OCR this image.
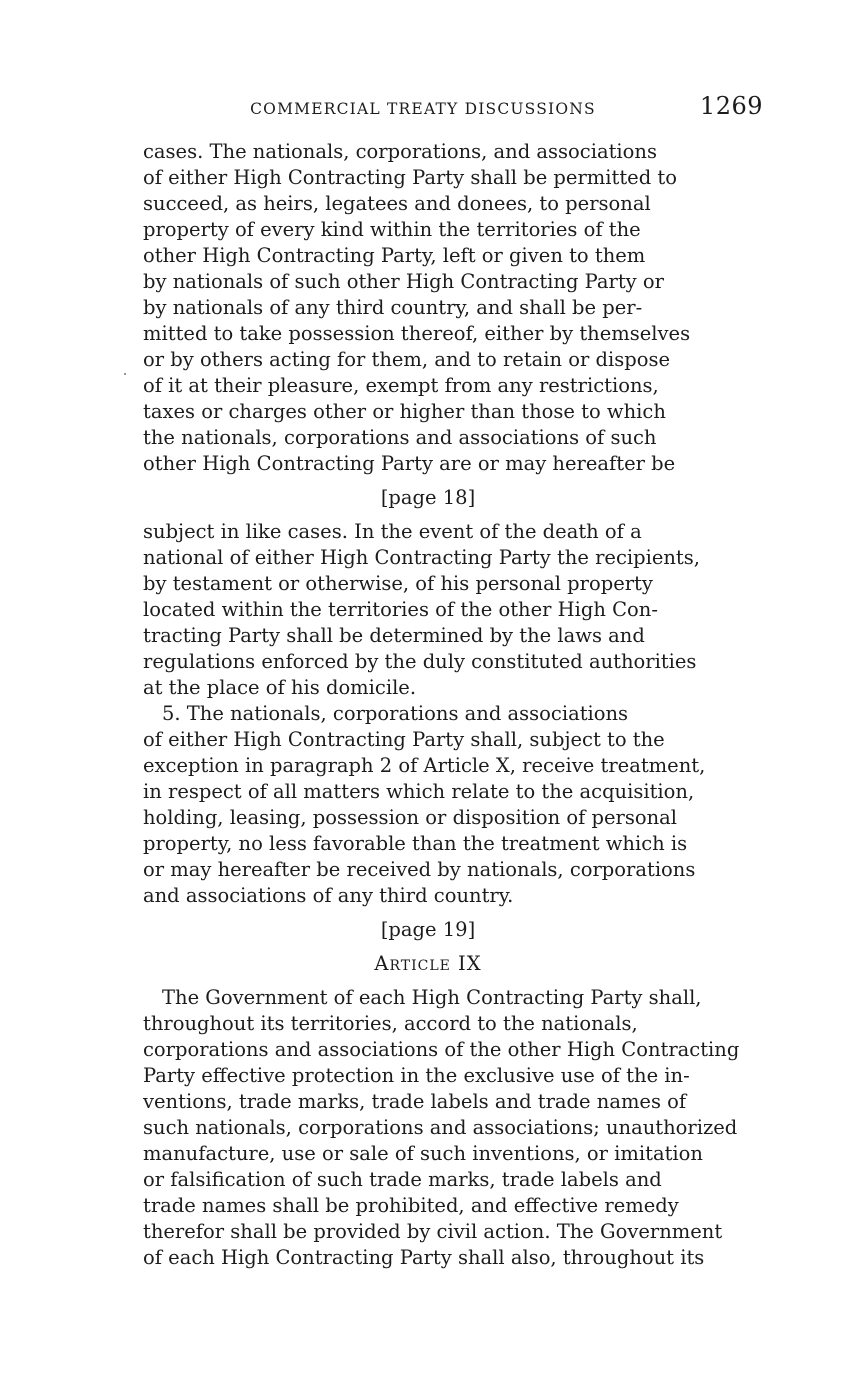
COMMERCIAL TREATY DISCUSSIONS	1269
cases. The nationals, corporations, and associations
of either High Contracting Party shall be permitted to
succeed, as heirs, legatees and donees, to personal
property of every kind within the territories of the
other High Contracting Party, left or given to them
by nationals of such other High Contracting Party or
by nationals of any third country, and shall be per-
mitted to take possession thereof, either by themselves
or by others acting for them, and to retain or dispose
of it at their pleasure, exempt from any restrictions,
taxes or charges other or higher than those to which
the nationals, corporations and associations of such
other High Contracting Party are or may hereafter be
[page 18]
subject in like cases. In the event of the death of a
national of either High Contracting Party the recipients,
by testament or otherwise, of his personal property
located within the territories of the other High Con-
tracting Party shall be determined by the laws and
regulations enforced by the duly constituted authorities
at the place of his domicile.
5. The nationals, corporations and associations
of either High Contracting Party shall, subject to the
exception in paragraph 2 of Article X, receive treatment,
in respect of all matters which relate to the acquisition,
holding, leasing, possession or disposition of personal
property, no less favorable than the treatment which is
or may hereafter be received by nationals, corporations
and associations of any third country.
[page 19]
Article IX
The Government of each High Contracting Party shall,
throughout its territories, accord to the nationals,
corporations and associations of the other High Contracting
Party effective protection in the exclusive use of the in-
ventions, trade marks, trade labels and trade names of
such nationals, corporations and associations; unauthorized
manufacture, use or sale of such inventions, or imitation
or falsification of such trade marks, trade labels and
trade names shall be prohibited, and effective remedy
therefor shall be provided by civil action. The Government
of each High Contracting Party shall also, throughout its
